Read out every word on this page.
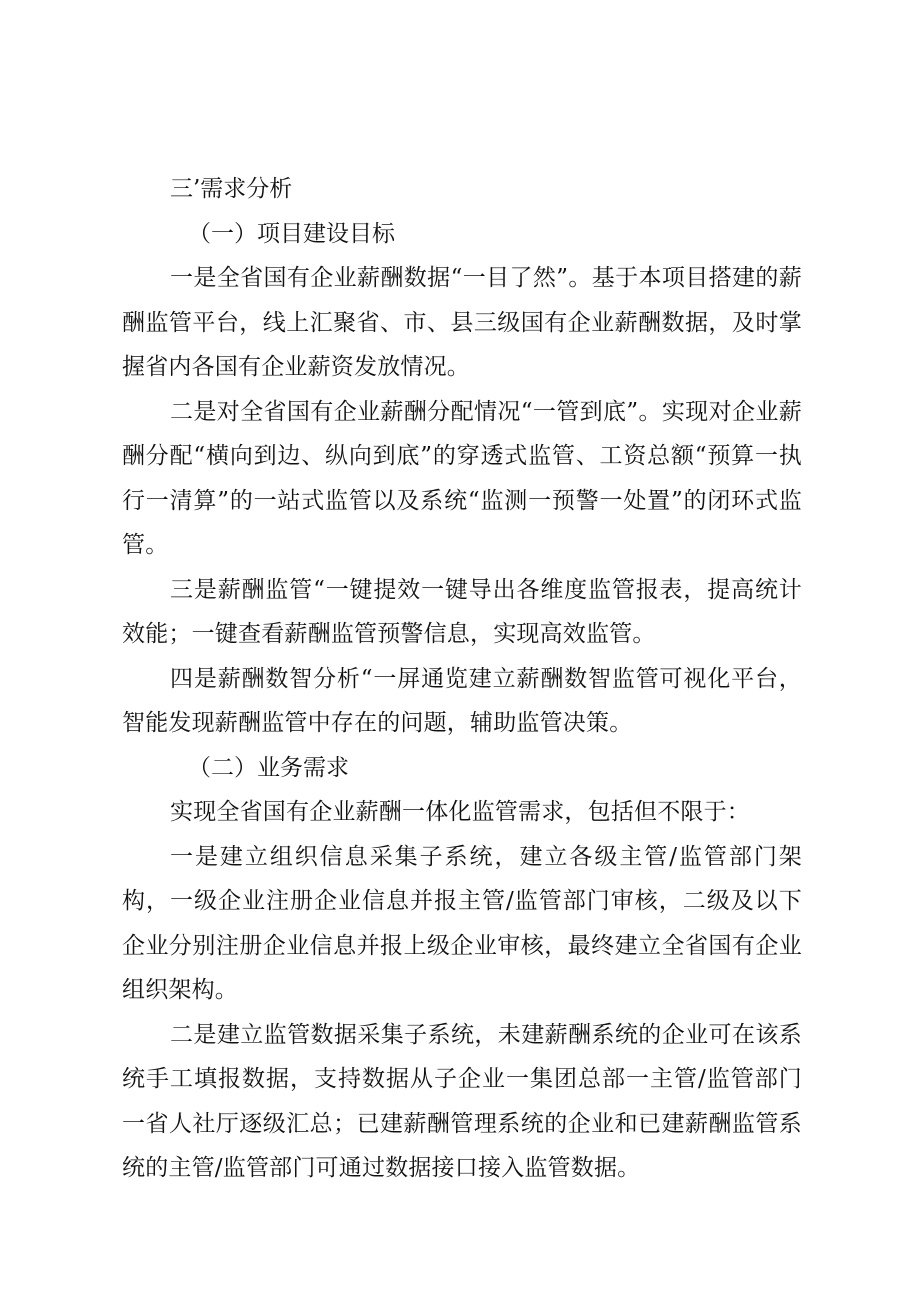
三’需求分析
（一）项目建设目标

一是全省国有企业薪酬数据“一目了然”。基于本项目搭建的薪酬监管平台，线上汇聚省、市、县三级国有企业薪酬数据，及时掌握省内各国有企业薪资发放情况。

二是对全省国有企业薪酬分配情况“一管到底”。实现对企业薪酬分配“横向到边、纵向到底”的穿透式监管、工资总额“预算一执行一清算”的一站式监管以及系统“监测一预警一处置”的闭环式监管。

三是薪酬监管“一键提效一键导出各维度监管报表，提高统计效能；一键查看薪酬监管预警信息，实现高效监管。

四是薪酬数智分析“一屏通览建立薪酬数智监管可视化平台，智能发现薪酬监管中存在的问题，辅助监管决策。

（二）业务需求

实现全省国有企业薪酬一体化监管需求，包括但不限于：

一是建立组织信息采集子系统，建立各级主管/监管部门架构，一级企业注册企业信息并报主管/监管部门审核，二级及以下企业分别注册企业信息并报上级企业审核，最终建立全省国有企业组织架构。

二是建立监管数据采集子系统，未建薪酬系统的企业可在该系统手工填报数据，支持数据从子企业一集团总部一主管/监管部门一省人社厅逐级汇总；已建薪酬管理系统的企业和已建薪酬监管系统的主管/监管部门可通过数据接口接入监管数据。
